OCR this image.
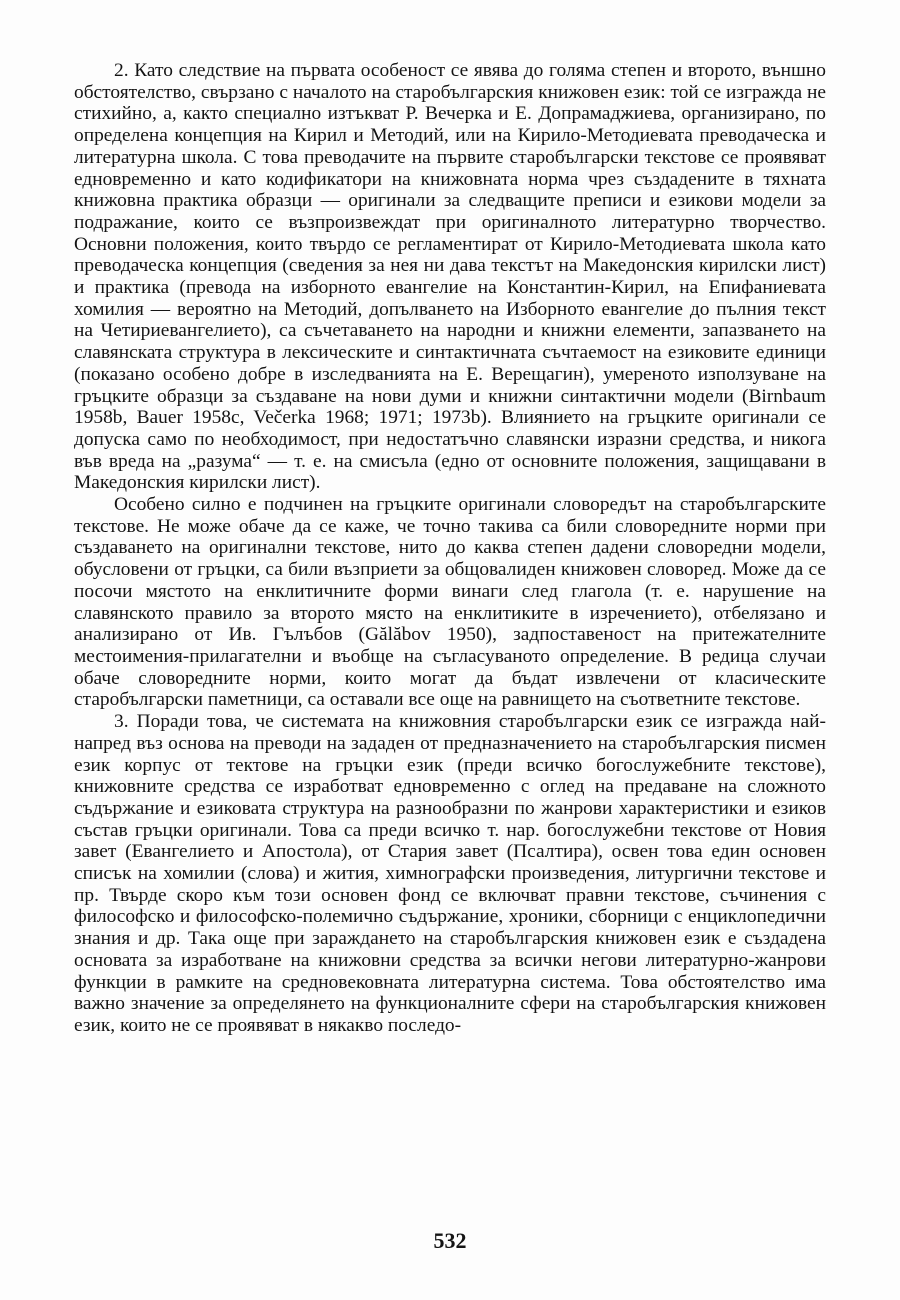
2. Като следствие на първата особеност се явява до голяма степен и второто, външно обстоятелство, свързано с началото на старобългарския книжовен език: той се изгражда не стихийно, а, както специално изтъкват Р. Вечерка и Е. Допрамаджиева, организирано, по определена концепция на Кирил и Методий, или на Кирило-Методиевата преводаческа и литературна школа. С това преводачите на първите старобългарски текстове се проявяват едновременно и като кодификатори на книжовната норма чрез създадените в тяхната книжовна практика образци — оригинали за следващите преписи и езикови модели за подражание, които се възпроизвеждат при оригиналното литературно творчество. Основни положения, които твърдо се регламентират от Кирило-Методиевата школа като преводаческа концепция (сведения за нея ни дава текстът на Македонския кирилски лист) и практика (превода на изборното евангелие на Константин-Кирил, на Епифаниевата хомилия — вероятно на Методий, допълването на Изборното евангелие до пълния текст на Четириевангелието), са съчетаването на народни и книжни елементи, запазването на славянската структура в лексическите и синтактичната съчтаемост на езиковите единици (показано особено добре в изследванията на Е. Верещагин), умереното използуване на гръцките образци за създаване на нови думи и книжни синтактични модели (Birnbaum 1958b, Bauer 1958c, Večerka 1968; 1971; 1973b). Влиянието на гръцките оригинали се допуска само по необходимост, при недостатъчно славянски изразни средства, и никога във вреда на „разума“ — т. е. на смисъла (едно от основните положения, защищавани в Македонския кирилски лист).

Особено силно е подчинен на гръцките оригинали словоредът на старобългарските текстове. Не може обаче да се каже, че точно такива са били словоредните норми при създаването на оригинални текстове, нито до каква степен дадени словоредни модели, обусловени от гръцки, са били възприети за общовалиден книжовен словоред. Може да се посочи мястото на енклитичните форми винаги след глагола (т. е. нарушение на славянското правило за второто място на енклитиките в изречението), отбелязано и анализирано от Ив. Гълъбов (Gălăbov 1950), задпоставеност на притежателните местоимения-прилагателни и въобще на съгласуваното определение. В редица случаи обаче словоредните норми, които могат да бъдат извлечени от класическите старобългарски паметници, са оставали все още на равнището на съответните текстове.

3. Поради това, че системата на книжовния старобългарски език се изгражда най-напред въз основа на преводи на зададен от предназначението на старобългарския писмен език корпус от тектове на гръцки език (преди всичко богослужебните текстове), книжовните средства се изработват едновременно с оглед на предаване на сложното съдържание и езиковата структура на разнообразни по жанрови характеристики и езиков състав гръцки оригинали. Това са преди всичко т. нар. богослужебни текстове от Новия завет (Евангелието и Апостола), от Стария завет (Псалтира), освен това един основен списък на хомилии (слова) и жития, химнографски произведения, литургични текстове и пр. Твърде скоро към този основен фонд се включват правни текстове, съчинения с философско и философско-полемично съдържание, хроники, сборници с енциклопедични знания и др. Така още при зараждането на старобългарския книжовен език е създадена основата за изработване на книжовни средства за всички негови литературно-жанрови функции в рамките на средновековната литературна система. Това обстоятелство има важно значение за определянето на функционалните сфери на старобългарския книжовен език, които не се проявяват в някакво последо-

532
